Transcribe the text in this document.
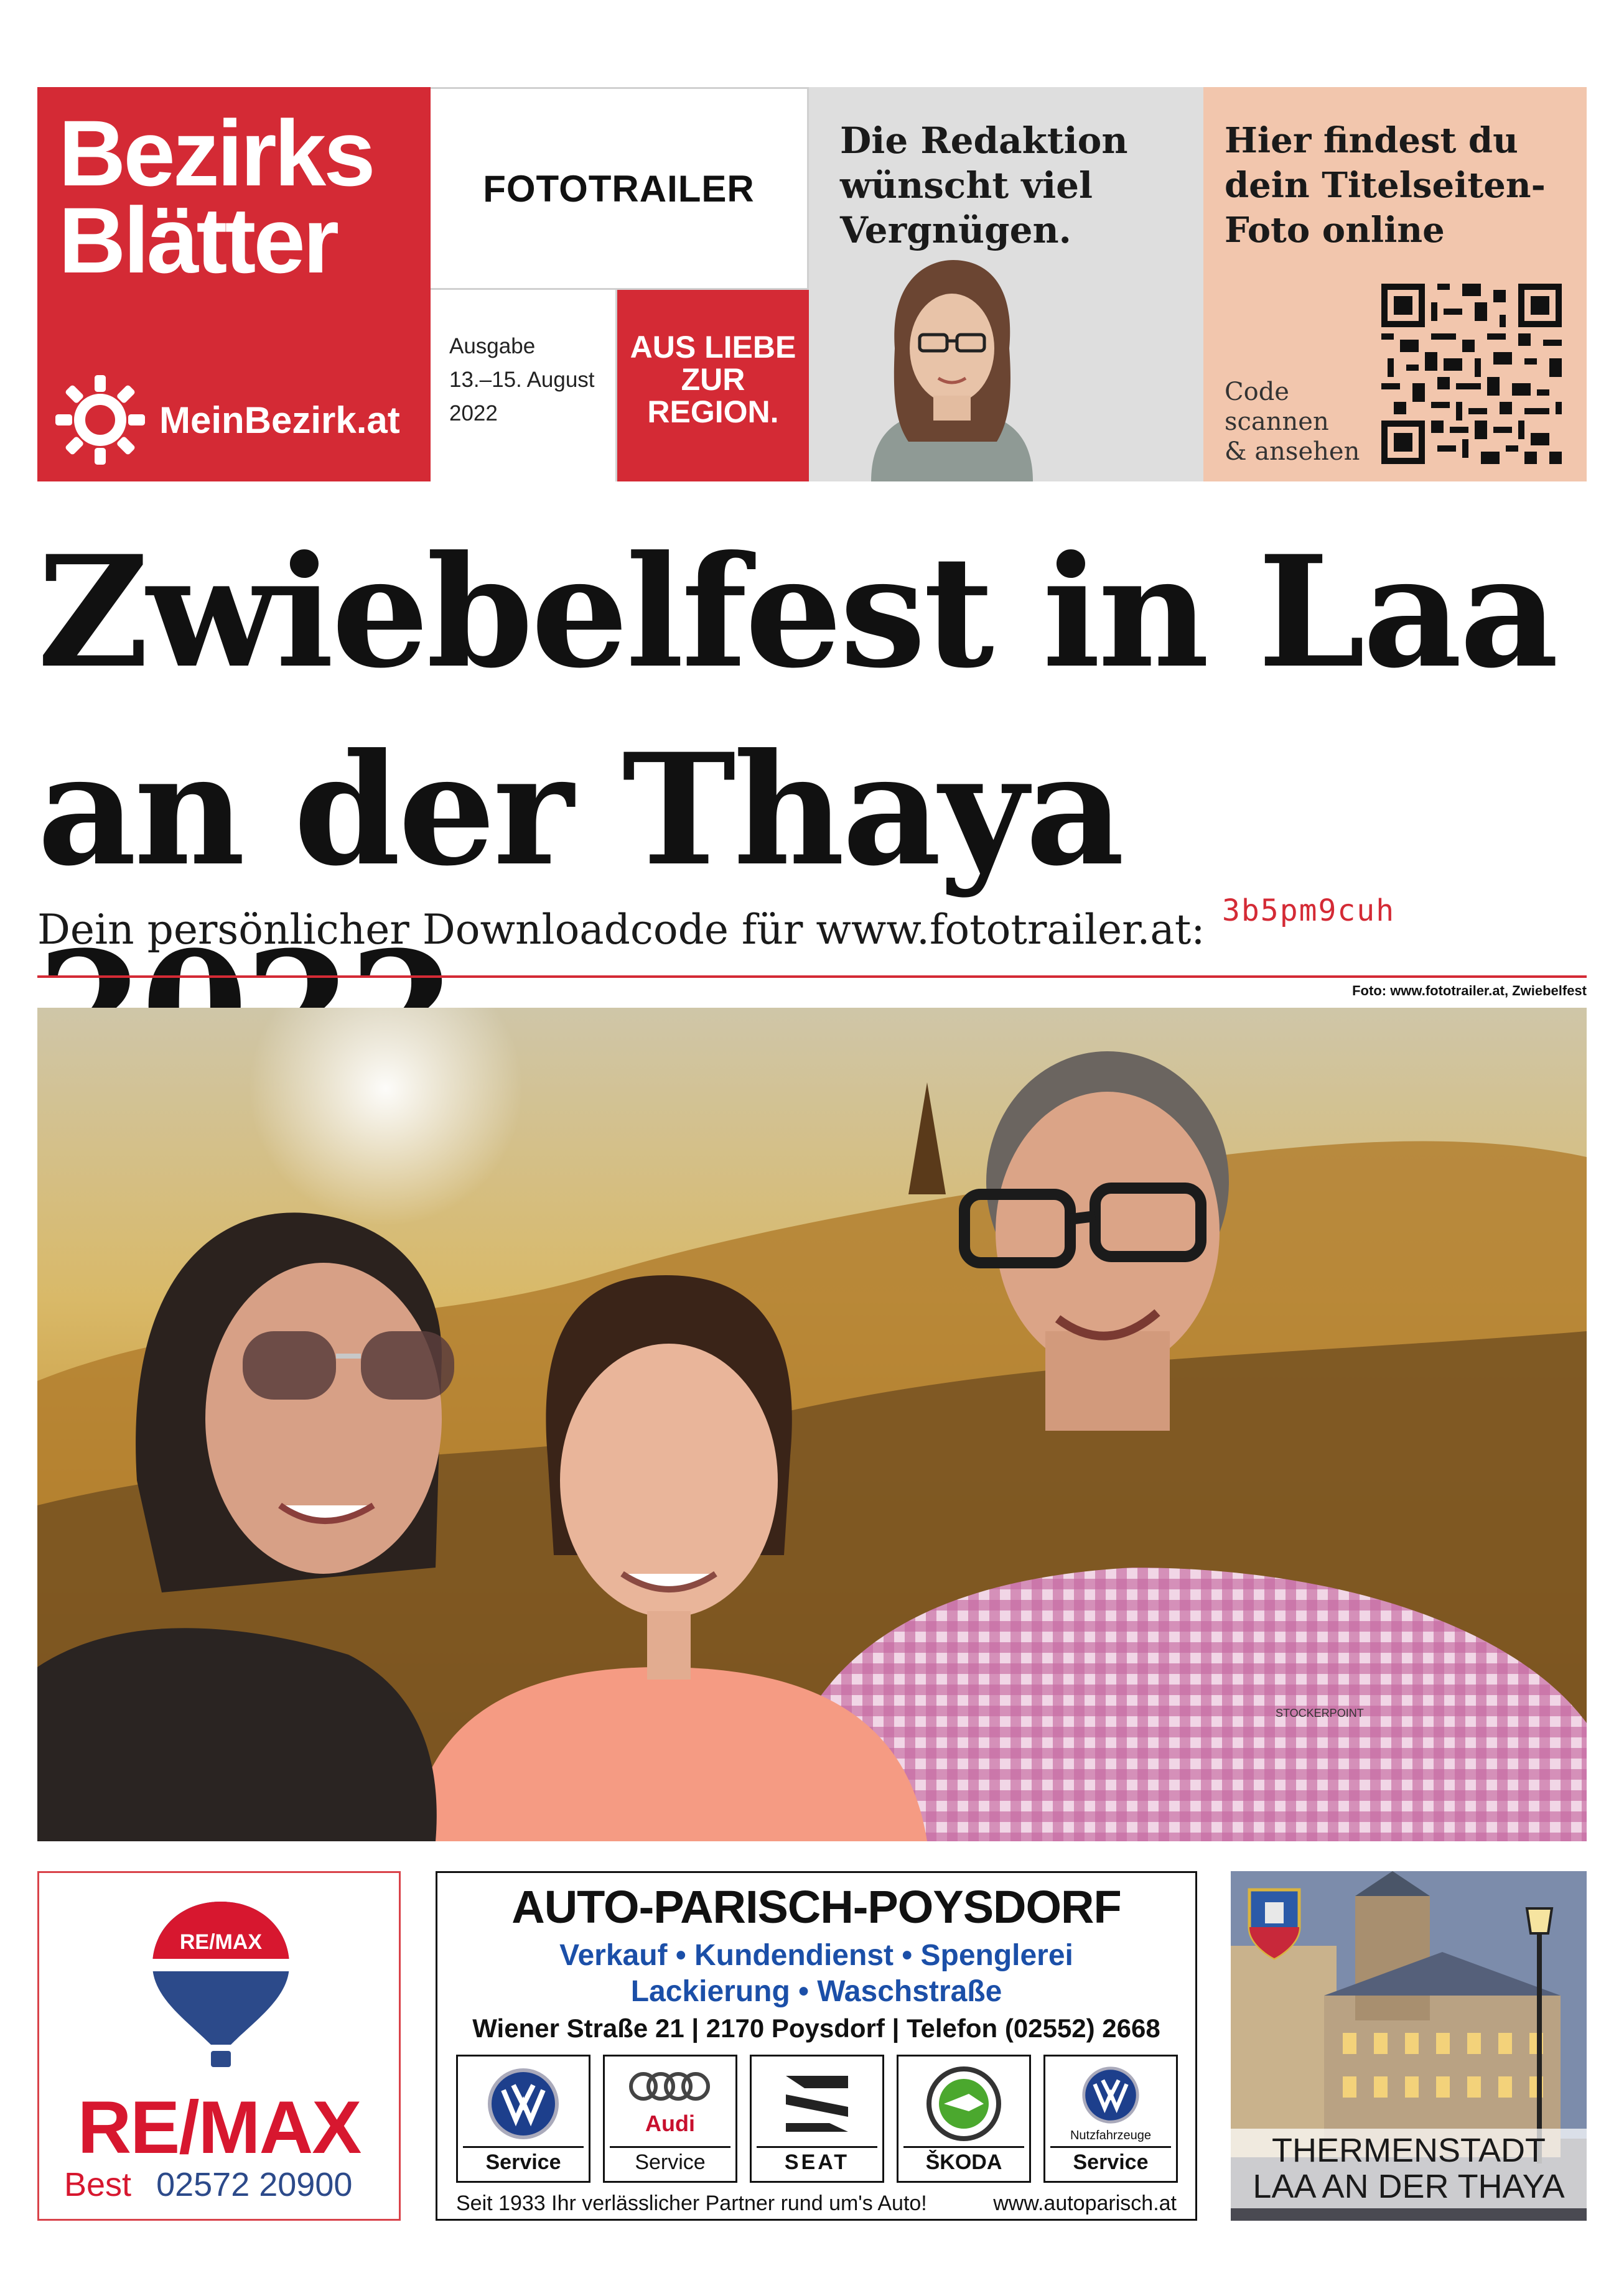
Bezirks
Blätter
MeinBezirk.at
FOTOTRAILER
Ausgabe
13.–15. August
2022
AUS LIEBE
ZUR
REGION.
Die Redaktion
wünscht viel
Vergnügen.
Hier findest du
dein Titelseiten-
Foto online
Code
scannen
& ansehen
Zwiebelfest in Laa
an der Thaya
Dein persönlicher Downloadcode für www.fototrailer.at: 3b5pm9cuh
Foto: www.fototrailer.at, Zwiebelfest
STOCKERPOINT
RE/MAX
RE/MAX
Best 02572 20900
AUTO-PARISCH-POYSDORF
Verkauf • Kundendienst • Spenglerei
Lackierung • Waschstraße
Wiener Straße 21 | 2170 Poysdorf | Telefon (02552) 2668
Service
Audi
Service	SEAT	ŠKODA
Nutzfahrzeuge
Service
Seit 1933 Ihr verlässlicher Partner rund um's Auto!	www.autoparisch.at
THERMENSTADT
LAA AN DER THAYA
